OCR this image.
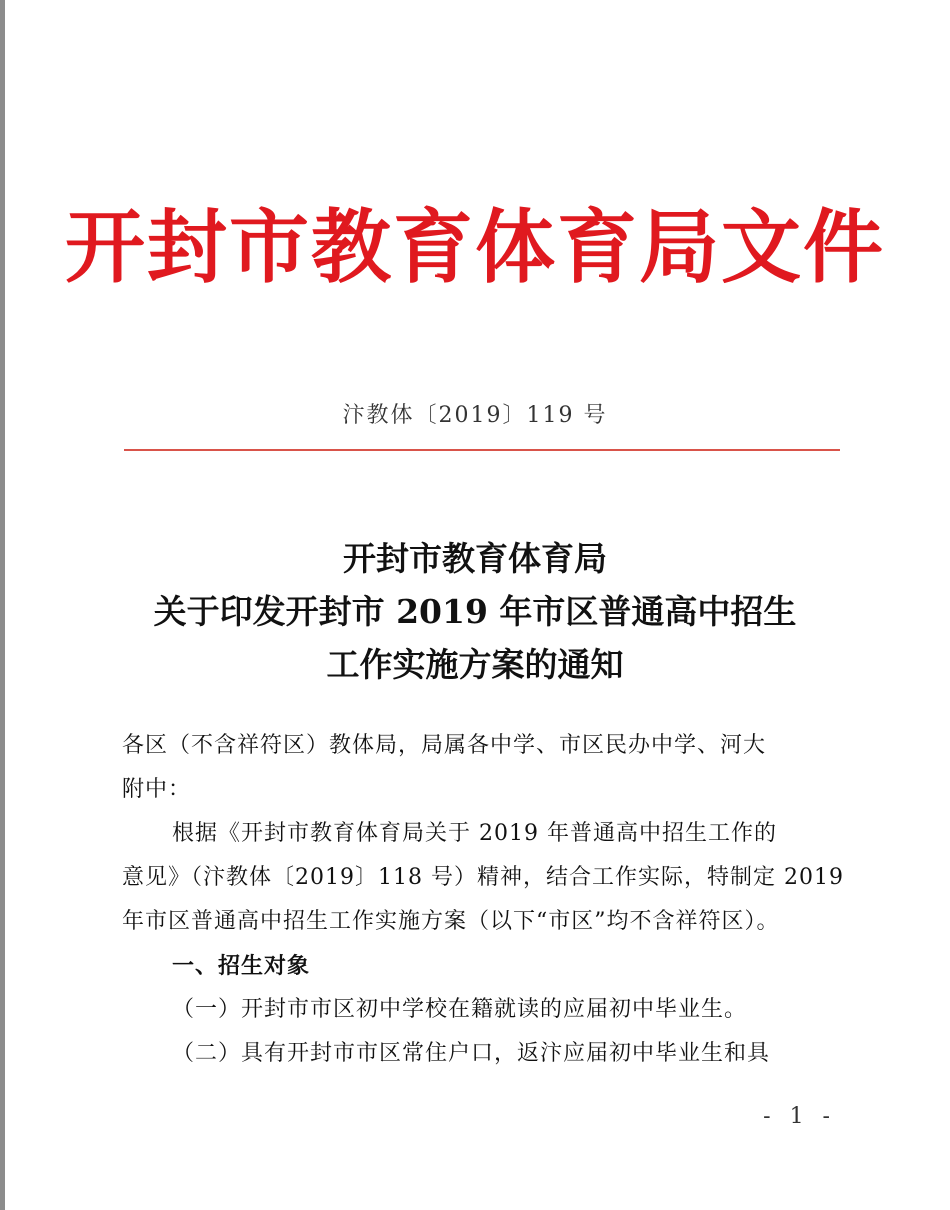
开封市教育体育局文件
汴教体〔2019〕119 号
开封市教育体育局
关于印发开封市 2019 年市区普通高中招生
工作实施方案的通知
各区（不含祥符区）教体局，局属各中学、市区民办中学、河大
附中：
根据《开封市教育体育局关于 2019 年普通高中招生工作的
意见》（汴教体〔2019〕118 号）精神，结合工作实际，特制定 2019
年市区普通高中招生工作实施方案（以下“市区”均不含祥符区）。
一、招生对象
（一）开封市市区初中学校在籍就读的应届初中毕业生。
（二）具有开封市市区常住户口，返汴应届初中毕业生和具
- 1 -
